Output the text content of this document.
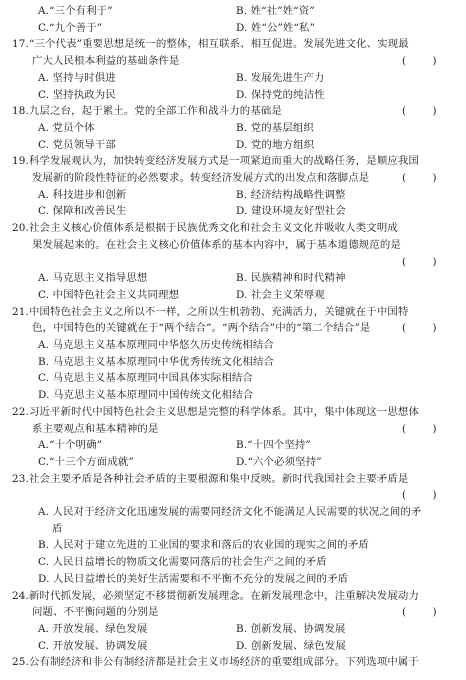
A.“三个有利于”	B. 姓“社”姓“资”
C.“九个善于”	D. 姓“公”姓“私”
17.“三个代表”重要思想是统一的整体，相互联系、相互促进。发展先进文化、实现最
广大人民根本利益的基础条件是	(        )
A. 坚持与时俱进	B. 发展先进生产力
C. 坚持执政为民	D. 保持党的纯洁性
18.九层之台，起于累土。党的全部工作和战斗力的基础是	(        )
A. 党员个体	B. 党的基层组织
C. 党员领导干部	D. 党的地方组织
19.科学发展观认为，加快转变经济发展方式是一项紧迫而重大的战略任务，是顺应我国
发展新的阶段性特征的必然要求。转变经济发展方式的出发点和落脚点是	(        )
A. 科技进步和创新	B. 经济结构战略性调整
C. 保障和改善民生	D. 建设环境友好型社会
20.社会主义核心价值体系是根据于民族优秀文化和社会主义文化并吸收人类文明成
果发展起来的。在社会主义核心价值体系的基本内容中，属于基本道德规范的是
(        )
A. 马克思主义指导思想	B. 民族精神和时代精神
C. 中国特色社会主义共同理想	D. 社会主义荣辱观
21.中国特色社会主义之所以不一样，之所以生机勃勃、充满活力，关键就在于中国特
色，中国特色的关键就在于“两个结合”。“两个结合”中的“第二个结合”是	(        )
A. 马克思主义基本原理同中华悠久历史传统相结合
B. 马克思主义基本原理同中华优秀传统文化相结合
C. 马克思主义基本原理同中国具体实际相结合
D. 马克思主义基本原理同中国传统文化相结合
22.习近平新时代中国特色社会主义思想是完整的科学体系。其中，集中体现这一思想体
系主要观点和基本精神的是	(        )
A.“十个明确”	B.“十四个坚持”
C.“十三个方面成就”	D.“六个必须坚持”
23.社会主要矛盾是各种社会矛盾的主要根源和集中反映。新时代我国社会主要矛盾是
(        )
A. 人民对于经济文化迅速发展的需要同经济文化不能满足人民需要的状况之间的矛
盾
B. 人民对于建立先进的工业国的要求和落后的农业国的现实之间的矛盾
C. 人民日益增长的物质文化需要同落后的社会生产之间的矛盾
D. 人民日益增长的美好生活需要和不平衡不充分的发展之间的矛盾
24.新时代抓发展，必须坚定不移贯彻新发展理念。在新发展理念中，注重解决发展动力
问题、不平衡问题的分别是	(        )
A. 开放发展、绿色发展	B. 创新发展、协调发展
C. 开放发展、协调发展	D. 创新发展、绿色发展
25.公有制经济和非公有制经济都是社会主义市场经济的重要组成部分。下列选项中属于
